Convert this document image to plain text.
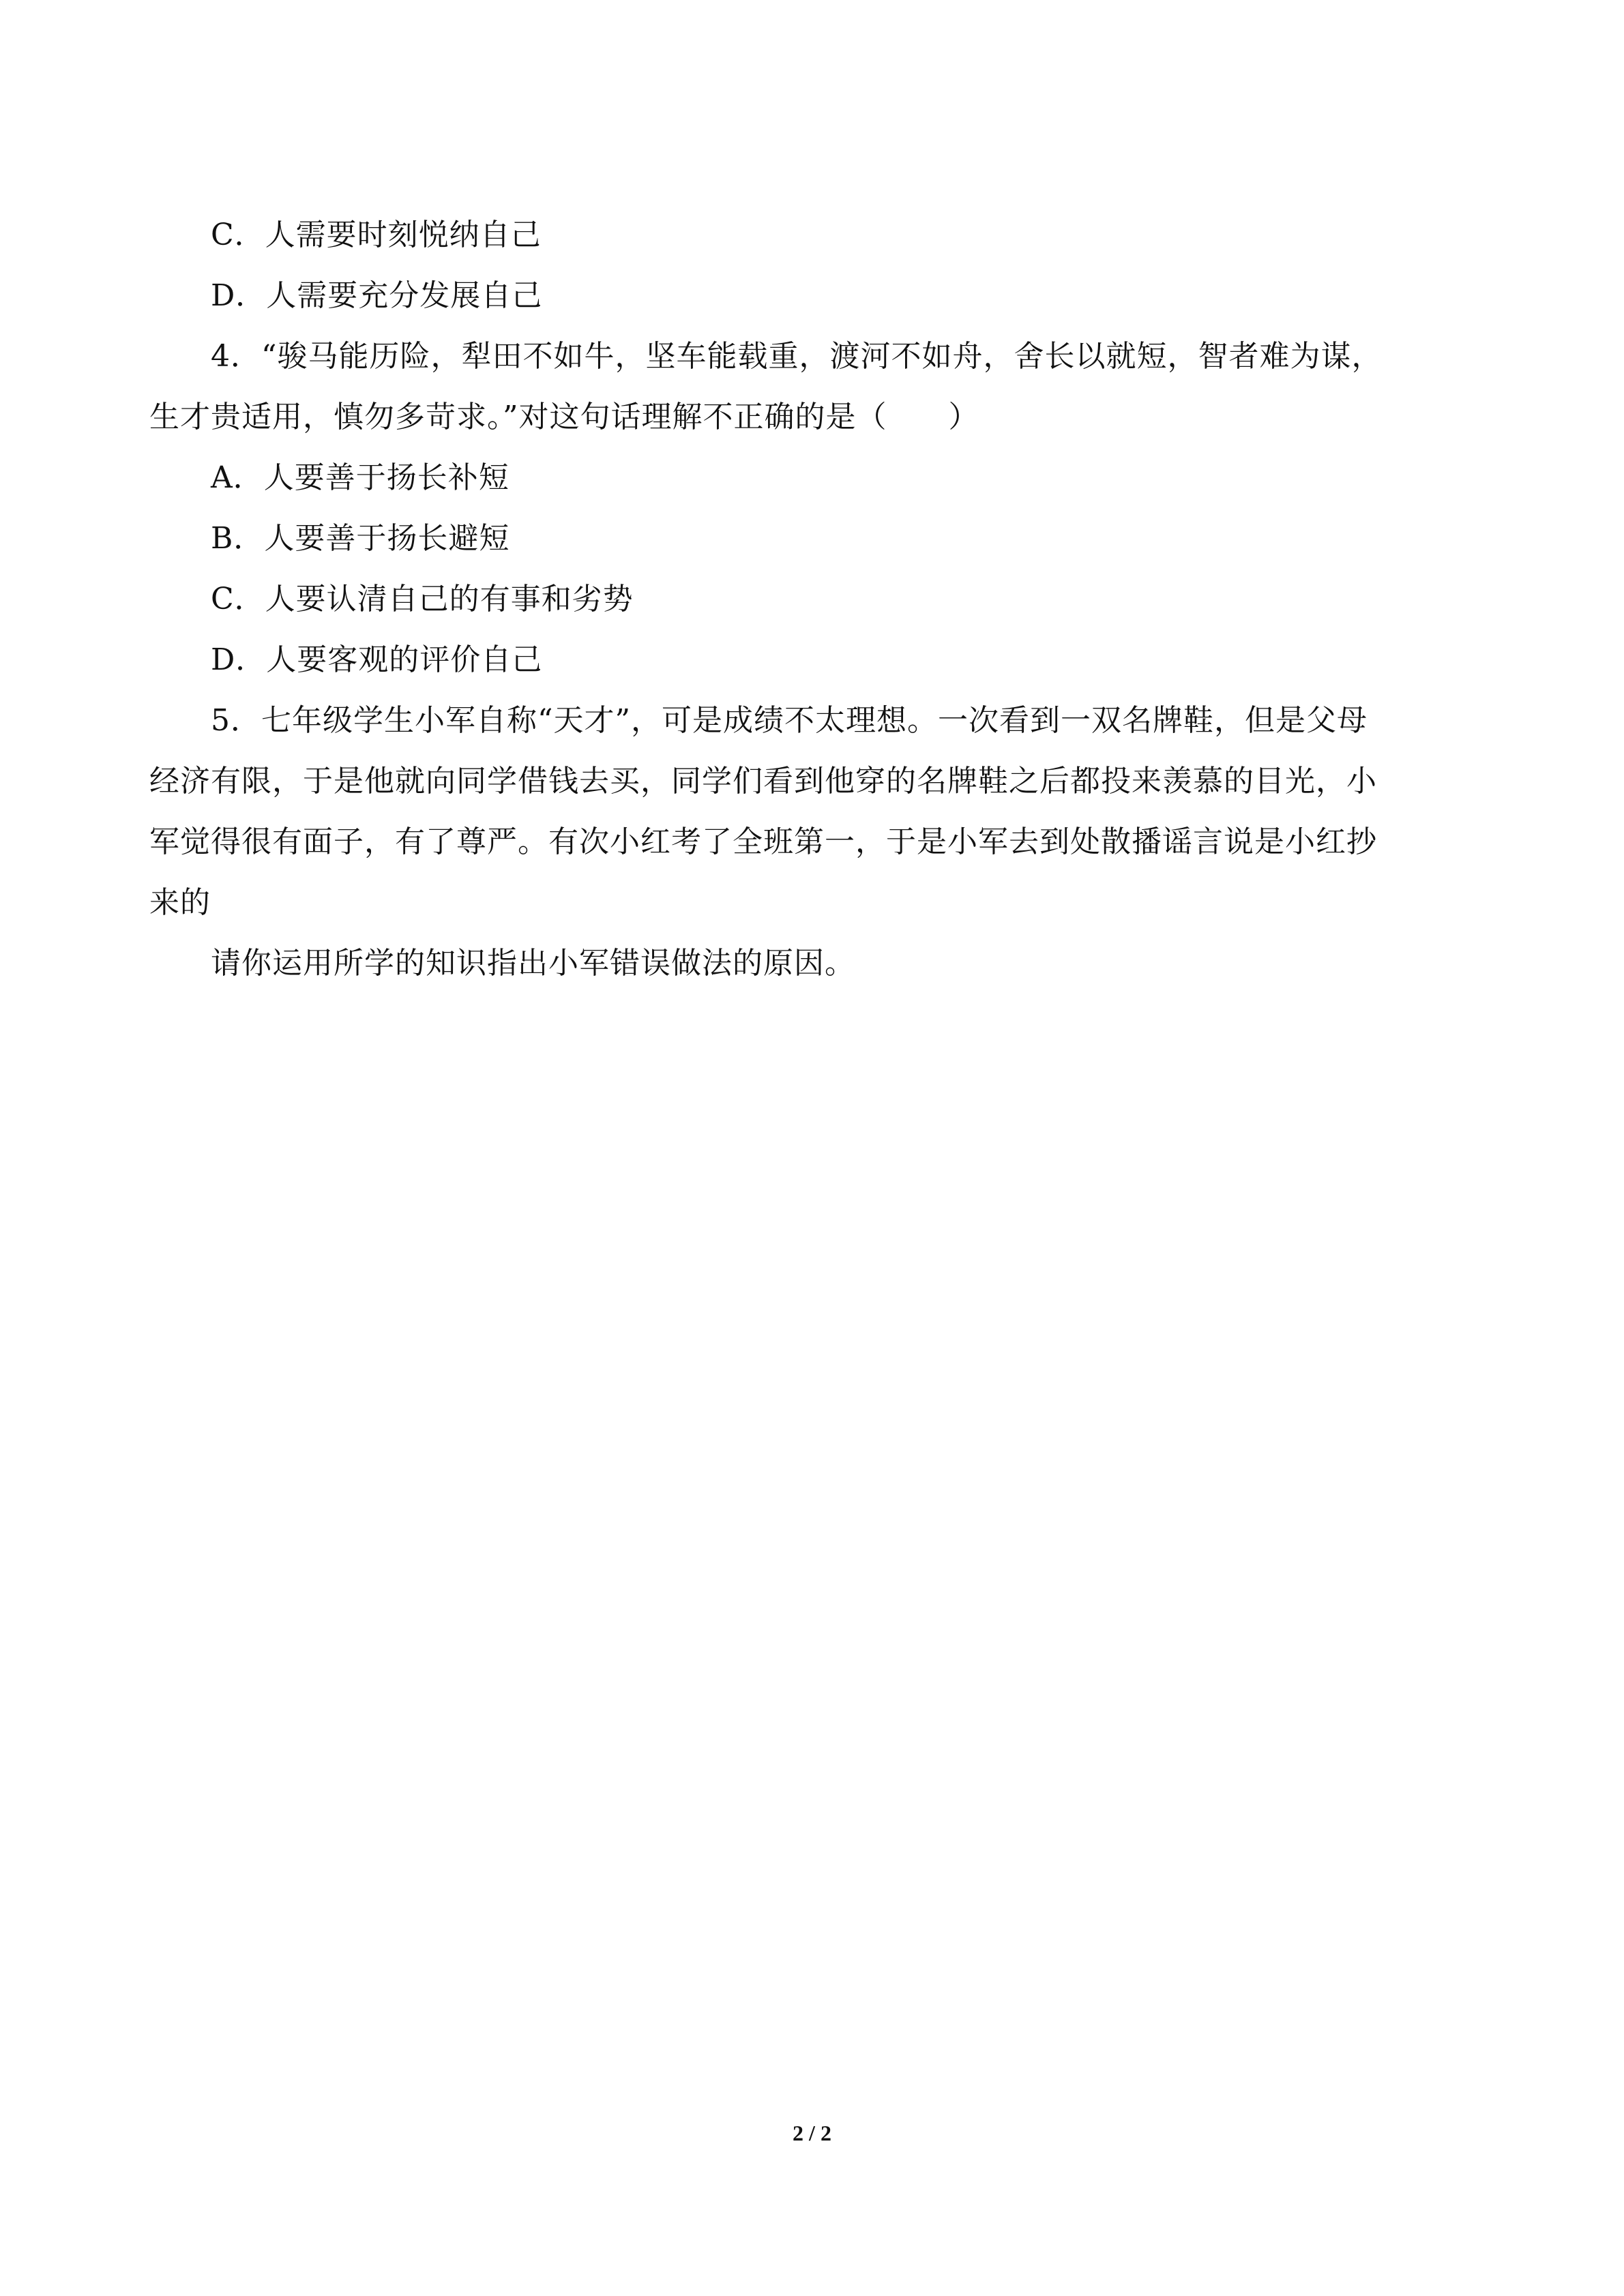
C．人需要时刻悦纳自己
D．人需要充分发展自己
4．“骏马能历险，犁田不如牛，坚车能载重，渡河不如舟，舍长以就短，智者难为谋，
生才贵适用，慎勿多苛求。”对这句话理解不正确的是（　　）
A．人要善于扬长补短
B．人要善于扬长避短
C．人要认清自己的有事和劣势
D．人要客观的评价自己
5．七年级学生小军自称“天才”，可是成绩不太理想。一次看到一双名牌鞋，但是父母
经济有限，于是他就向同学借钱去买，同学们看到他穿的名牌鞋之后都投来羡慕的目光，小
军觉得很有面子，有了尊严。有次小红考了全班第一，于是小军去到处散播谣言说是小红抄
来的
请你运用所学的知识指出小军错误做法的原因。
2 / 2
